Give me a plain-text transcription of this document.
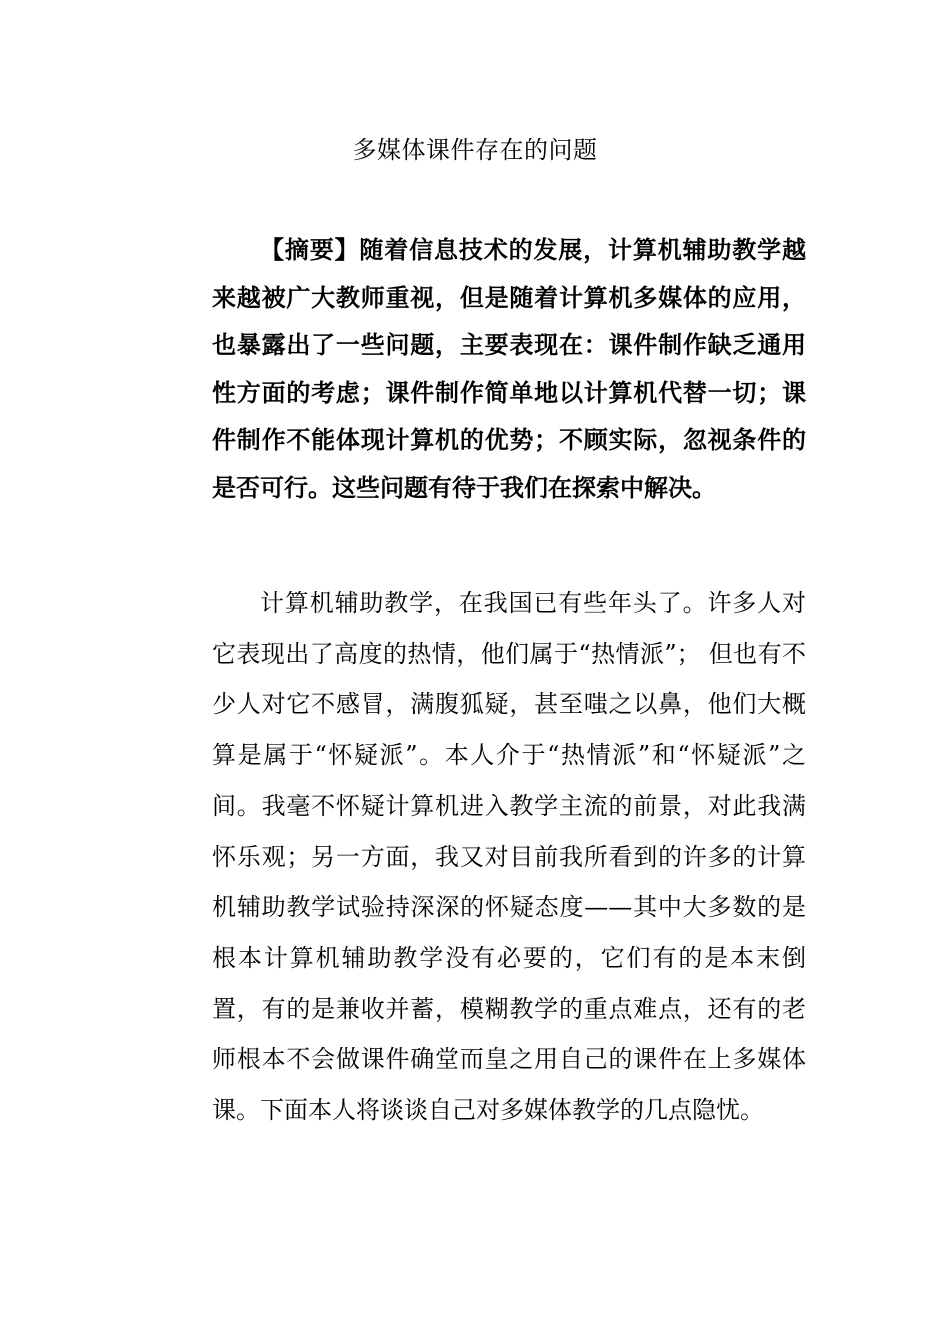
多媒体课件存在的问题

【摘要】随着信息技术的发展，计算机辅助教学越来越被广大教师重视，但是随着计算机多媒体的应用，也暴露出了一些问题，主要表现在：课件制作缺乏通用性方面的考虑；课件制作简单地以计算机代替一切；课件制作不能体现计算机的优势；不顾实际，忽视条件的是否可行。这些问题有待于我们在探索中解决。

计算机辅助教学，在我国已有些年头了。许多人对它表现出了高度的热情，他们属于“热情派”； 但也有不少人对它不感冒，满腹狐疑，甚至嗤之以鼻，他们大概算是属于“怀疑派”。本人介于“热情派”和“怀疑派”之间。我毫不怀疑计算机进入教学主流的前景，对此我满怀乐观；另一方面，我又对目前我所看到的许多的计算机辅助教学试验持深深的怀疑态度——其中大多数的是根本计算机辅助教学没有必要的，它们有的是本末倒置，有的是兼收并蓄，模糊教学的重点难点，还有的老师根本不会做课件确堂而皇之用自己的课件在上多媒体课。下面本人将谈谈自己对多媒体教学的几点隐忧。
